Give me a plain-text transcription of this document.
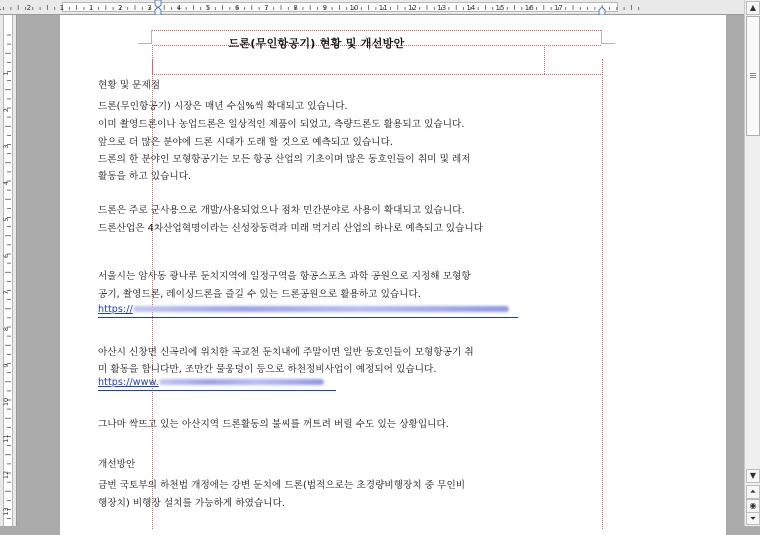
2	1	1	2	3	4	5	6	7	8	9	10	11	12	13	14	15	16	17
1
2
3
4
5
6
7
8
9
10
11
12
13
드론(무인항공기) 현황 및 개선방안
현황 및 문제점
드론(무인항공기) 시장은 매년 수십%씩 확대되고 있습니다.
이미 촬영드론이나 농업드론은 일상적인 제품이 되었고, 측량드론도 활용되고 있습니다.
앞으로 더 많은 분야에 드론 시대가 도래 할 것으로 예측되고 있습니다.
드론의 한 분야인 모형항공기는 모든 항공 산업의 기초이며 많은 동호인들이 취미 및 레저
활동을 하고 있습니다.
드론은 주로 군사용으로 개발/사용되었으나 점차 민간분야로 사용이 확대되고 있습니다.
드론산업은 4차산업혁명이라는 신성장동력과 미래 먹거리 산업의 하나로 예측되고 있습니다
서울시는 암사동 광나루 둔치지역에 일정구역을 항공스포츠 과학 공원으로 지정해 모형항
공기, 촬영드론, 레이싱드론을 즐길 수 있는 드론공원으로 활용하고 있습니다.
https://
아산시 신창면 신곡리에 위치한 곡교천 둔치내에 주말이면 일반 동호인들이 모형항공기 취
미 활동을 합니다만, 조만간 물웅덩이 등으로 하천정비사업이 예정되어 있습니다.
https://www.
그나마 싹뜨고 있는 아산지역 드론활동의 불씨를 꺼트려 버릴 수도 있는 상황입니다.
개선방안
금번 국토부의 하천법 개정에는 강변 둔치에 드론(법적으로는 초경량비행장치 중 무인비
행장치) 비행장 설치를 가능하게 하였습니다.
▲
▼
⏶
◉
⏷
